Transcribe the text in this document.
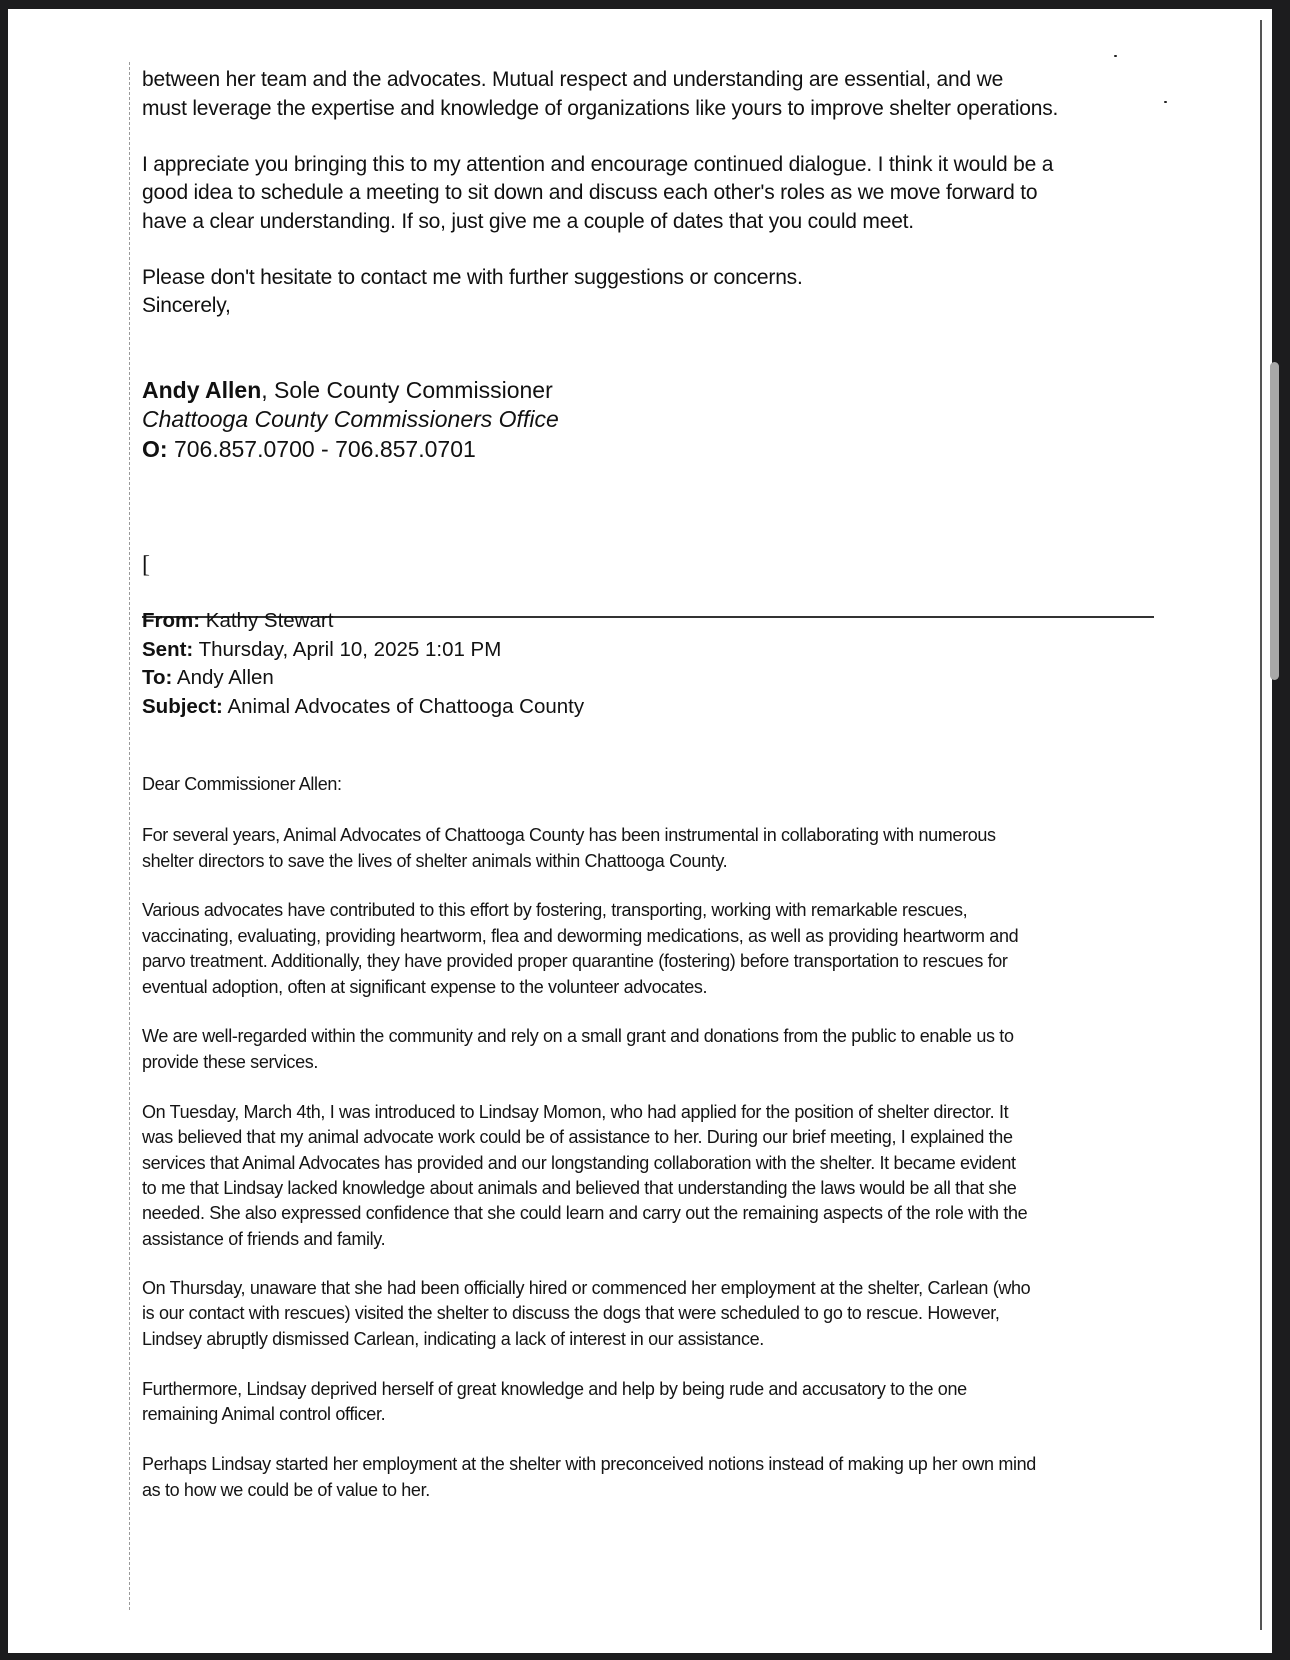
between her team and the advocates. Mutual respect and understanding are essential, and we
must leverage the expertise and knowledge of organizations like yours to improve shelter operations.
I appreciate you bringing this to my attention and encourage continued dialogue. I think it would be a
good idea to schedule a meeting to sit down and discuss each other's roles as we move forward to
have a clear understanding. If so, just give me a couple of dates that you could meet.
Please don't hesitate to contact me with further suggestions or concerns.
Sincerely,
Andy Allen, Sole County Commissioner
Chattooga County Commissioners Office
O: 706.857.0700 - 706.857.0701
[
From: Kathy Stewart
Sent: Thursday, April 10, 2025 1:01 PM
To: Andy Allen
Subject: Animal Advocates of Chattooga County
Dear Commissioner Allen:
For several years, Animal Advocates of Chattooga County has been instrumental in collaborating with numerous
shelter directors to save the lives of shelter animals within Chattooga County.
Various advocates have contributed to this effort by fostering, transporting, working with remarkable rescues,
vaccinating, evaluating, providing heartworm, flea and deworming medications, as well as providing heartworm and
parvo treatment. Additionally, they have provided proper quarantine (fostering) before transportation to rescues for
eventual adoption, often at significant expense to the volunteer advocates.
We are well-regarded within the community and rely on a small grant and donations from the public to enable us to
provide these services.
On Tuesday, March 4th, I was introduced to Lindsay Momon, who had applied for the position of shelter director. It
was believed that my animal advocate work could be of assistance to her. During our brief meeting, I explained the
services that Animal Advocates has provided and our longstanding collaboration with the shelter. It became evident
to me that Lindsay lacked knowledge about animals and believed that understanding the laws would be all that she
needed. She also expressed confidence that she could learn and carry out the remaining aspects of the role with the
assistance of friends and family.
On Thursday, unaware that she had been officially hired or commenced her employment at the shelter, Carlean (who
is our contact with rescues) visited the shelter to discuss the dogs that were scheduled to go to rescue. However,
Lindsey abruptly dismissed Carlean, indicating a lack of interest in our assistance.
Furthermore, Lindsay deprived herself of great knowledge and help by being rude and accusatory to the one
remaining Animal control officer.
Perhaps Lindsay started her employment at the shelter with preconceived notions instead of making up her own mind
as to how we could be of value to her.
